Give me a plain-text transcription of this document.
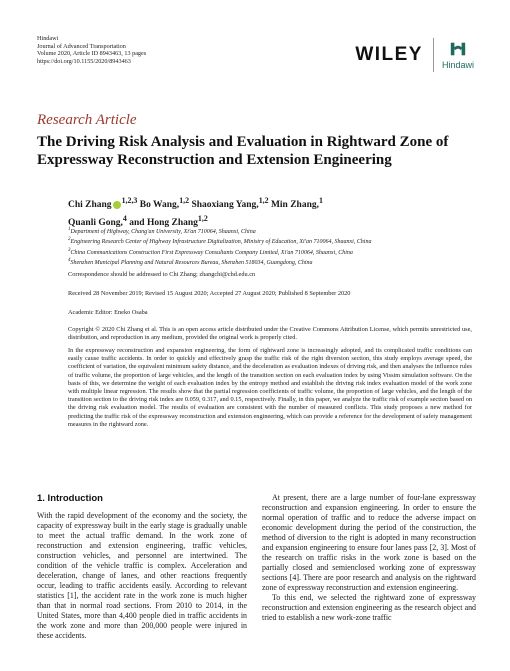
Hindawi
Journal of Advanced Transportation
Volume 2020, Article ID 8943463, 13 pages
https://doi.org/10.1155/2020/8943463	WILEY Hindawi
Research Article
The Driving Risk Analysis and Evaluation in Rightward Zone of Expressway Reconstruction and Extension Engineering
Chi Zhang $^{1,2,3}$ Bo Wang,$^{1,2}$ Shaoxiang Yang,$^{1,2}$ Min Zhang,$^1$
Quanli Gong,$^4$ and Hong Zhang$^{1,2}$
$^1$Department of Highway, Chang'an University, Xi'an 710064, Shaanxi, China
$^2$Engineering Research Center of Highway Infrastructure Digitalization, Ministry of Education, Xi'an 710064, Shaanxi, China
$^3$China Communications Construction First Expressway Consultants Company Limited, Xi'an 710064, Shaanxi, China
$^4$Shenzhen Municipal Planning and Natural Resources Bureau, Shenzhen 518034, Guangdong, China
Correspondence should be addressed to Chi Zhang; zhangchi@chd.edu.cn
Received 28 November 2019; Revised 15 August 2020; Accepted 27 August 2020; Published 8 September 2020
Academic Editor: Eneko Osaba
Copyright © 2020 Chi Zhang et al. This is an open access article distributed under the Creative Commons Attribution License, which permits unrestricted use, distribution, and reproduction in any medium, provided the original work is properly cited.
In the expressway reconstruction and expansion engineering, the form of rightward zone is increasingly adopted, and its complicated traffic conditions can easily cause traffic accidents. In order to quickly and effectively grasp the traffic risk of the right diversion section, this study employs average speed, the coefficient of variation, the equivalent minimum safety distance, and the deceleration as evaluation indexes of driving risk, and then analyses the influence rules of traffic volume, the proportion of large vehicles, and the length of the transition section on each evaluation index by using Vissim simulation software. On the basis of this, we determine the weight of each evaluation index by the entropy method and establish the driving risk index evaluation model of the work zone with multiple linear regression. The results show that the partial regression coefficients of traffic volume, the proportion of large vehicles, and the length of the transition section to the driving risk index are 0.059, 0.317, and 0.15, respectively. Finally, in this paper, we analyze the traffic risk of example section based on the driving risk evaluation model. The results of evaluation are consistent with the number of measured conflicts. This study proposes a new method for predicting the traffic risk of the expressway reconstruction and extension engineering, which can provide a reference for the development of safety management measures in the rightward zone.
1. Introduction

With the rapid development of the economy and the society, the capacity of expressway built in the early stage is gradually unable to meet the actual traffic demand. In the work zone of reconstruction and extension engineering, traffic vehicles, construction vehicles, and personnel are intertwined. The condition of the vehicle traffic is complex. Acceleration and deceleration, change of lanes, and other reactions frequently occur, leading to traffic accidents easily. According to relevant statistics [1], the accident rate in the work zone is much higher than that in normal road sections. From 2010 to 2014, in the United States, more than 4,400 people died in traffic accidents in the work zone and more than 200,000 people were injured in these accidents.

At present, there are a large number of four-lane expressway reconstruction and expansion engineering. In order to ensure the normal operation of traffic and to reduce the adverse impact on economic development during the period of the construction, the method of diversion to the right is adopted in many reconstruction and expansion engineering to ensure four lanes pass [2, 3]. Most of the research on traffic risks in the work zone is based on the partially closed and semienclosed working zone of expressway sections [4]. There are poor research and analysis on the rightward zone of expressway reconstruction and extension engineering.

To this end, we selected the rightward zone of expressway reconstruction and extension engineering as the research object and tried to establish a new work-zone traffic
